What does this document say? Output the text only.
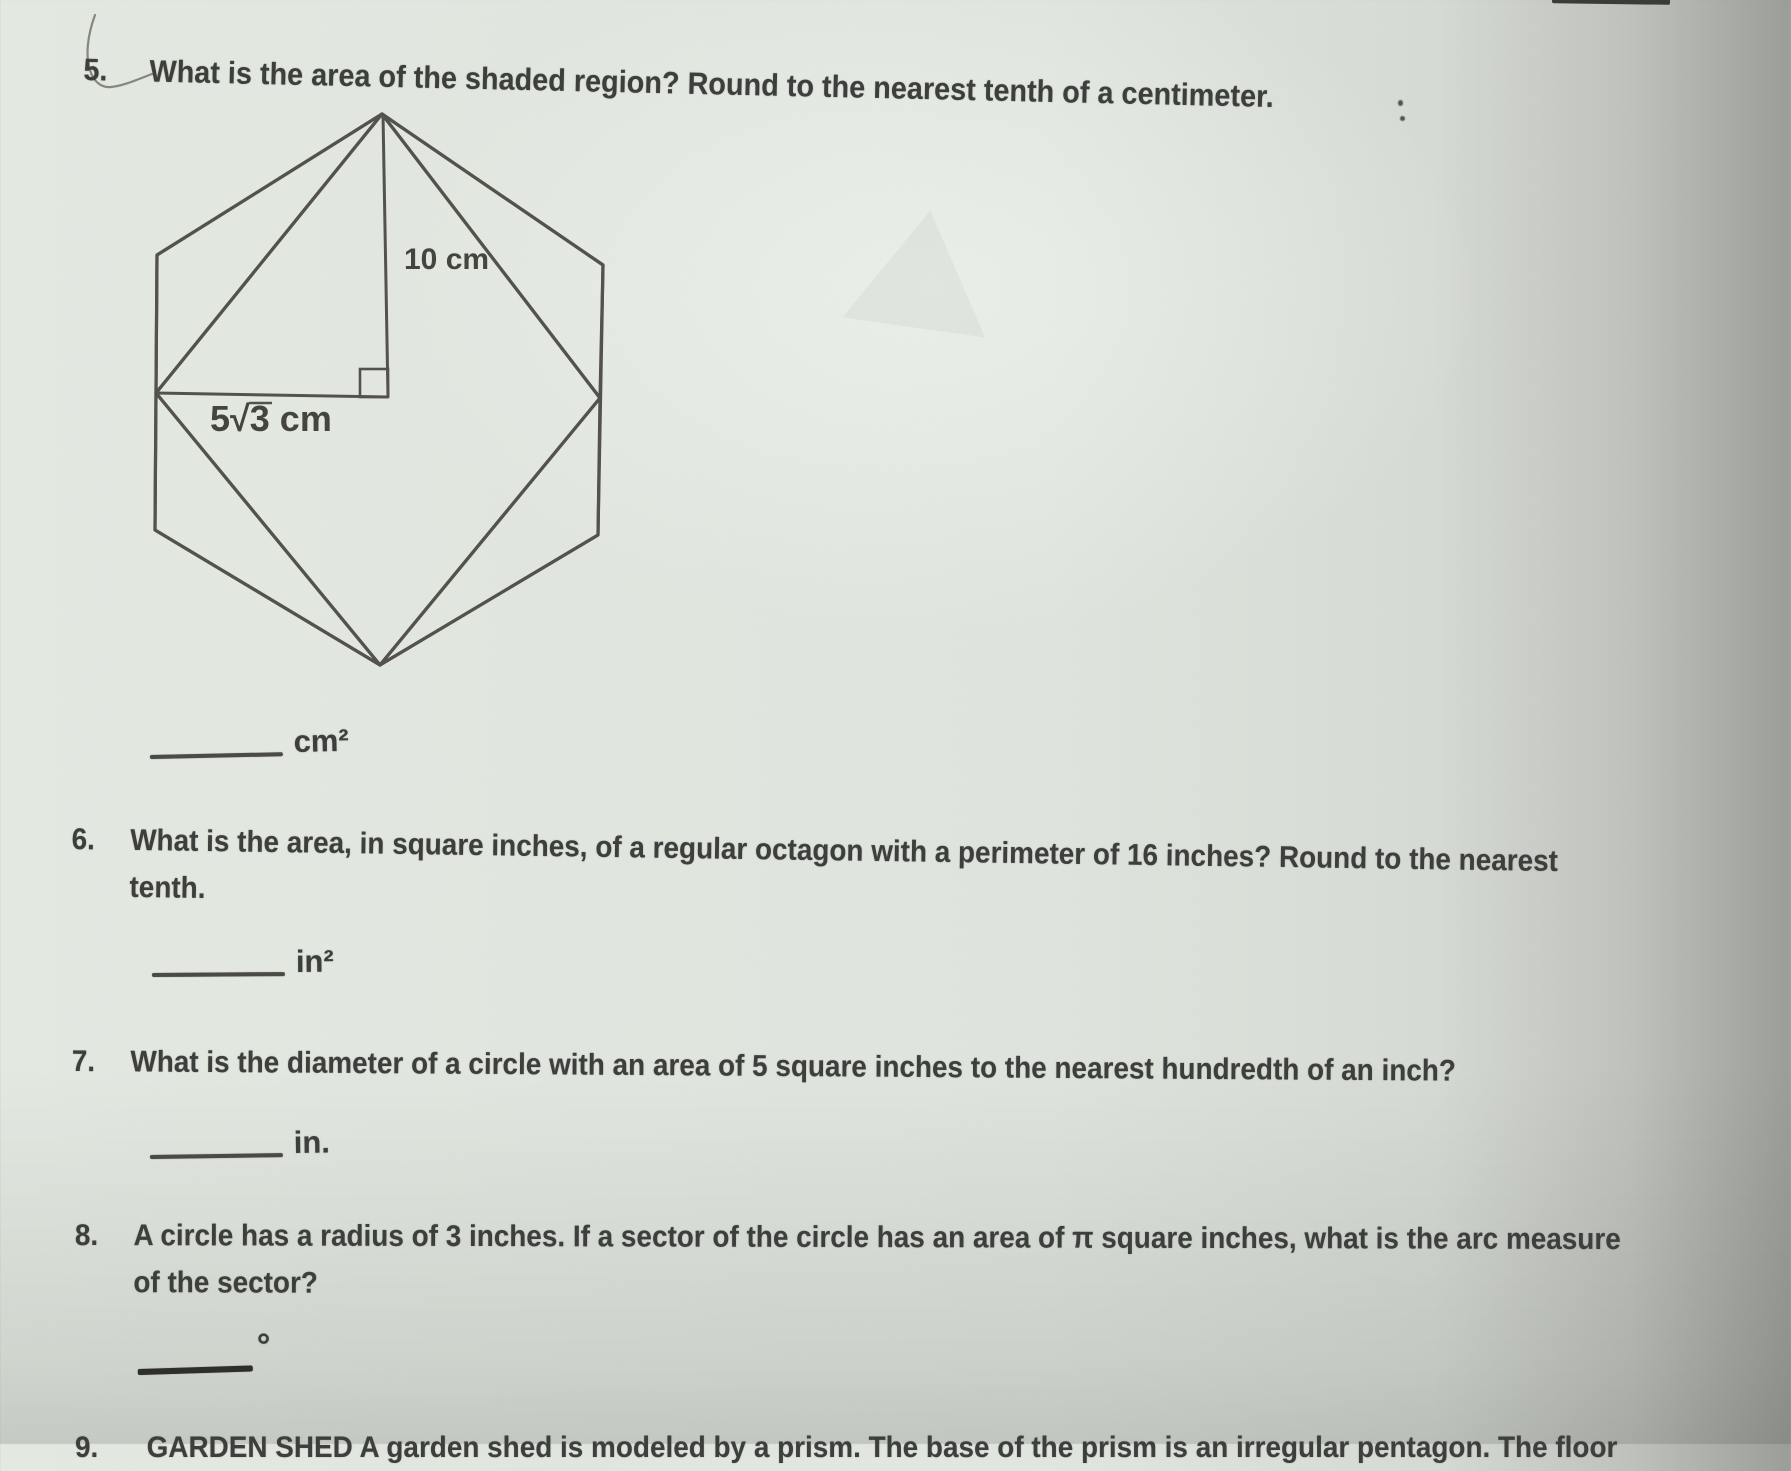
5. What is the area of the shaded region? Round to the nearest tenth of a centimeter.
10 cm
5√3 cm
cm²
6. What is the area, in square inches, of a regular octagon with a perimeter of 16 inches? Round to the nearest
tenth.
in²
7. What is the diameter of a circle with an area of 5 square inches to the nearest hundredth of an inch?
in.
8. A circle has a radius of 3 inches. If a sector of the circle has an area of π square inches, what is the arc measure
of the sector?
°
9. GARDEN SHED A garden shed is modeled by a prism. The base of the prism is an irregular pentagon. The floor
